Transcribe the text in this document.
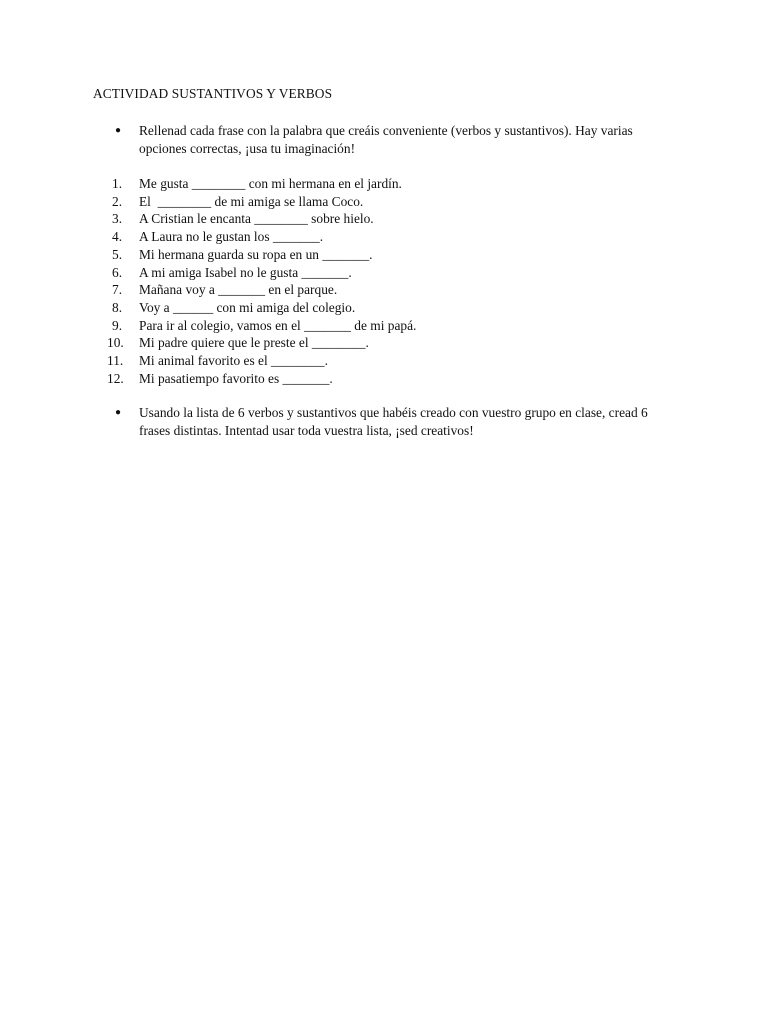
ACTIVIDAD SUSTANTIVOS Y VERBOS
● Rellenad cada frase con la palabra que creáis conveniente (verbos y sustantivos). Hay varias opciones correctas, ¡usa tu imaginación!
1. Me gusta ________ con mi hermana en el jardín.
2. El  ________ de mi amiga se llama Coco.
3. A Cristian le encanta ________ sobre hielo.
4. A Laura no le gustan los _______.
5. Mi hermana guarda su ropa en un _______.
6. A mi amiga Isabel no le gusta _______.
7. Mañana voy a _______ en el parque.
8. Voy a ______ con mi amiga del colegio.
9. Para ir al colegio, vamos en el _______ de mi papá.
10. Mi padre quiere que le preste el ________.
11. Mi animal favorito es el ________.
12. Mi pasatiempo favorito es _______.
● Usando la lista de 6 verbos y sustantivos que habéis creado con vuestro grupo en clase, cread 6 frases distintas. Intentad usar toda vuestra lista, ¡sed creativos!
